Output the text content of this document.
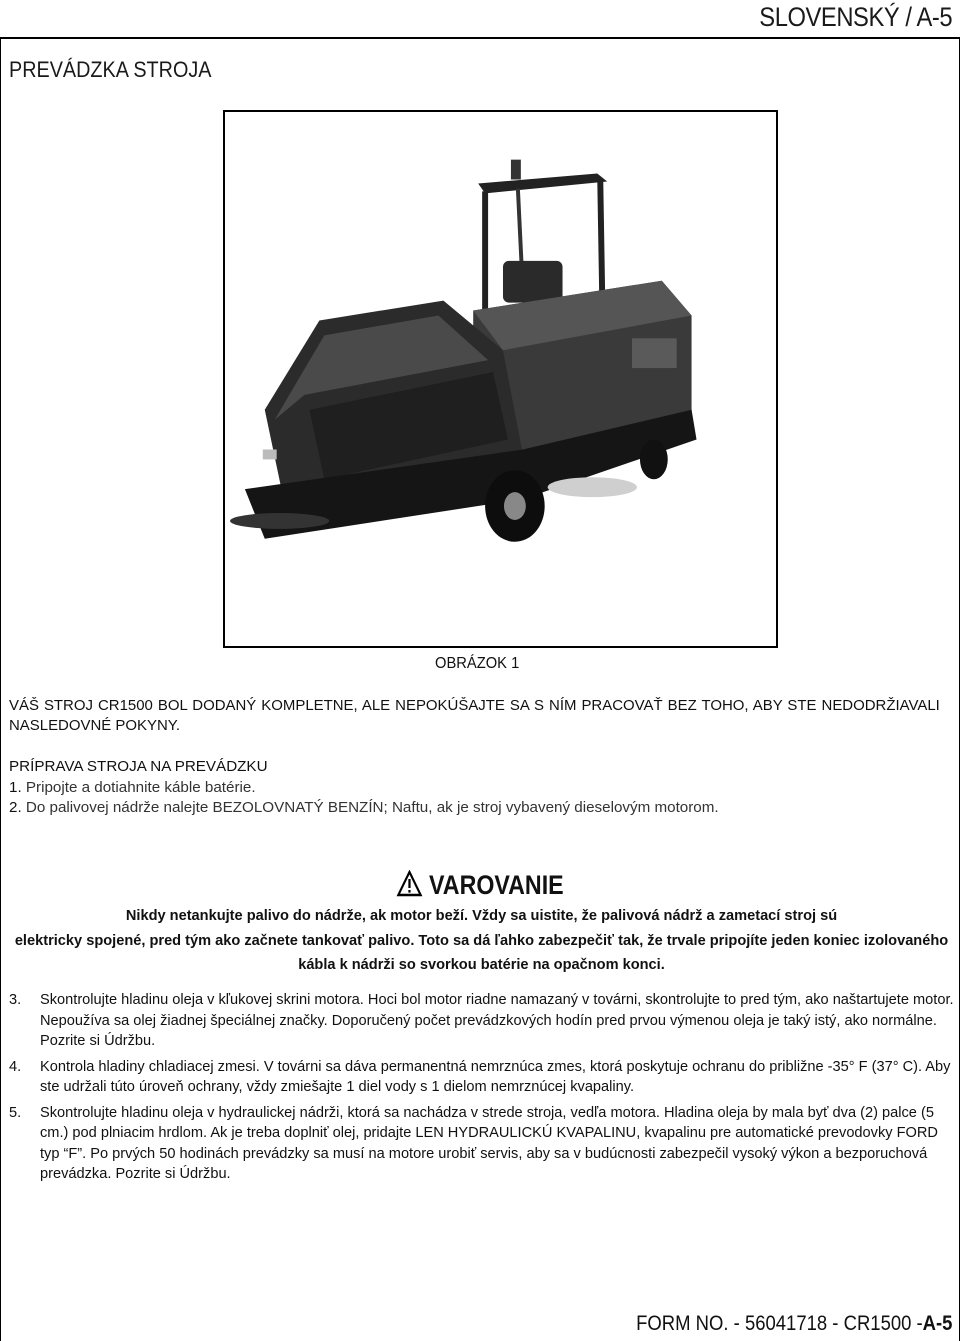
SLOVENSKÝ / A-5
PREVÁDZKA STROJA
OBRÁZOK 1
VÁŠ STROJ CR1500 BOL DODANÝ KOMPLETNE, ALE NEPOKÚŠAJTE SA S NÍM PRACOVAŤ BEZ TOHO, ABY STE NEDODRŽIAVALI NASLEDOVNÉ POKYNY.
PRÍPRAVA STROJA NA PREVÁDZKU
1. Pripojte a dotiahnite káble batérie.
2. Do palivovej nádrže nalejte BEZOLOVNATÝ BENZÍN; Naftu, ak je stroj vybavený dieselovým motorom.
VAROVANIE
Nikdy netankujte palivo do nádrže, ak motor beží. Vždy sa uistite, že palivová nádrž a zametací stroj sú
elektricky spojené, pred tým ako začnete tankovať palivo. Toto sa dá ľahko zabezpečiť tak, že trvale pripojíte jeden koniec izolovaného
kábla k nádrži so svorkou batérie na opačnom konci.
3.	Skontrolujte hladinu oleja v kľukovej skrini motora. Hoci bol motor riadne namazaný v továrni, skontrolujte to pred tým, ako naštartujete motor. Nepoužíva sa olej žiadnej špeciálnej značky. Doporučený počet prevádzkových hodín pred prvou výmenou oleja je taký istý, ako normálne. Pozrite si Údržbu.
4.	Kontrola hladiny chladiacej zmesi. V továrni sa dáva permanentná nemrznúca zmes, ktorá poskytuje ochranu do približne -35° F (37° C). Aby ste udržali túto úroveň ochrany, vždy zmiešajte 1 diel vody s 1 dielom nemrznúcej kvapaliny.
5.	Skontrolujte hladinu oleja v hydraulickej nádrži, ktorá sa nachádza v strede stroja, vedľa motora. Hladina oleja by mala byť dva (2) palce (5 cm.) pod plniacim hrdlom. Ak je treba doplniť olej, pridajte LEN HYDRAULICKÚ KVAPALINU, kvapalinu pre automatické prevodovky FORD typ “F”. Po prvých 50 hodinách prevádzky sa musí na motore urobiť servis, aby sa v budúcnosti zabezpečil vysoký výkon a bezporuchová prevádzka. Pozrite si Údržbu.
FORM NO. - 56041718 - CR1500 -A-5
